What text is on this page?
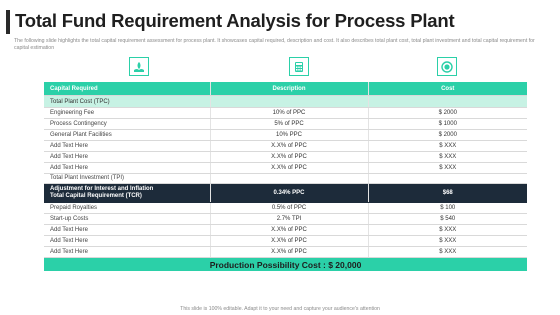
Total Fund Requirement Analysis for Process Plant
The following slide highlights the total capital requirement assessment for process plant. It showcases capital required, description and cost. It also describes total plant cost, total plant investment and total capital requirement for capital estimation
Capital Required	Description	Cost
Total Plant Cost (TPC)		
Engineering Fee	10% of PPC	$ 2000
Process Contingency	5% of PPC	$ 1000
General Plant Facilities	10% PPC	$ 2000
Add Text Here	X.X% of PPC	$ XXX
Add Text Here	X.X% of PPC	$ XXX
Add Text Here	X.X% of PPC	$ XXX
Total Plant Investment (TPI)		

Adjustment for Interest and Inflation
Total Capital Requirement (TCR)	0.34% PPC	$68
Prepaid Royalties	0.5% of PPC	$ 100
Start-up Costs	2.7% TPI	$ 540
Add Text Here	X.X% of PPC	$ XXX
Add Text Here	X.X% of PPC	$ XXX
Add Text Here	X.X% of PPC	$ XXX
Production Possibility Cost : $ 20,000		
This slide is 100% editable. Adapt it to your need and capture your audience's attention
